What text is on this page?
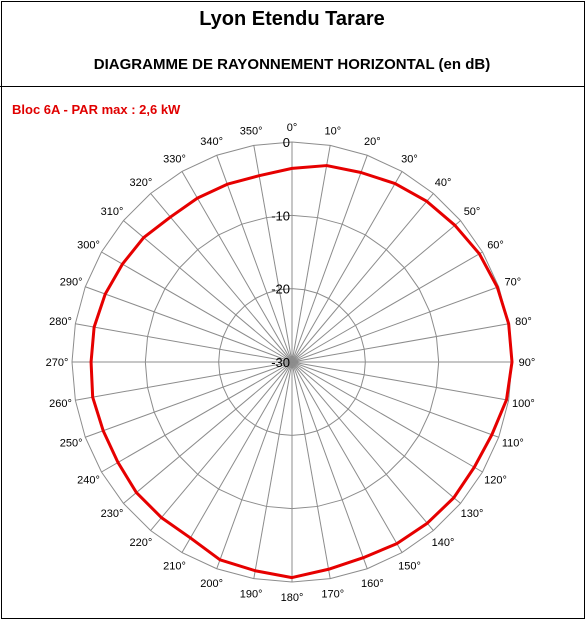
Lyon Etendu Tarare
DIAGRAMME DE RAYONNEMENT HORIZONTAL (en dB)
Bloc 6A - PAR max : 2,6 kW
0° 10°
20°
30°
40°
50°
60°
70°
80°
90°
100°
110°
120°
130°
140°
150°
160°
170°
180°
190°
200°
210°
220°
230°
240°
250°
260°
270°
280°
290°
300°
310°
320°
330°
340°
350°
0
-10
-20
-30
